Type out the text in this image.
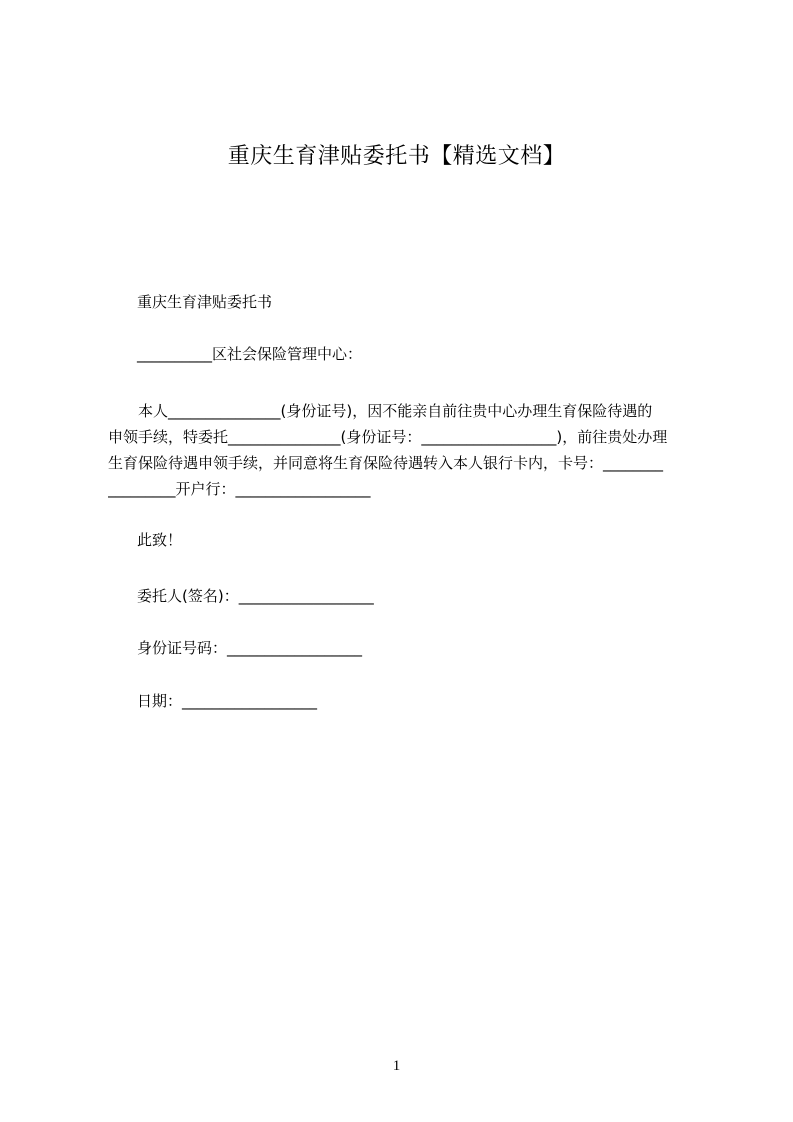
重庆生育津贴委托书【精选文档】
重庆生育津贴委托书
__________区社会保险管理中心：
本人_______________(身份证号)，因不能亲自前往贵中心办理生育保险待遇的
申领手续，特委托_______________(身份证号：__________________)，前往贵处办理
生育保险待遇申领手续，并同意将生育保险待遇转入本人银行卡内，卡号：________
_________开户行：__________________
此致！
委托人(签名)：__________________
身份证号码：__________________
日期：__________________
1
